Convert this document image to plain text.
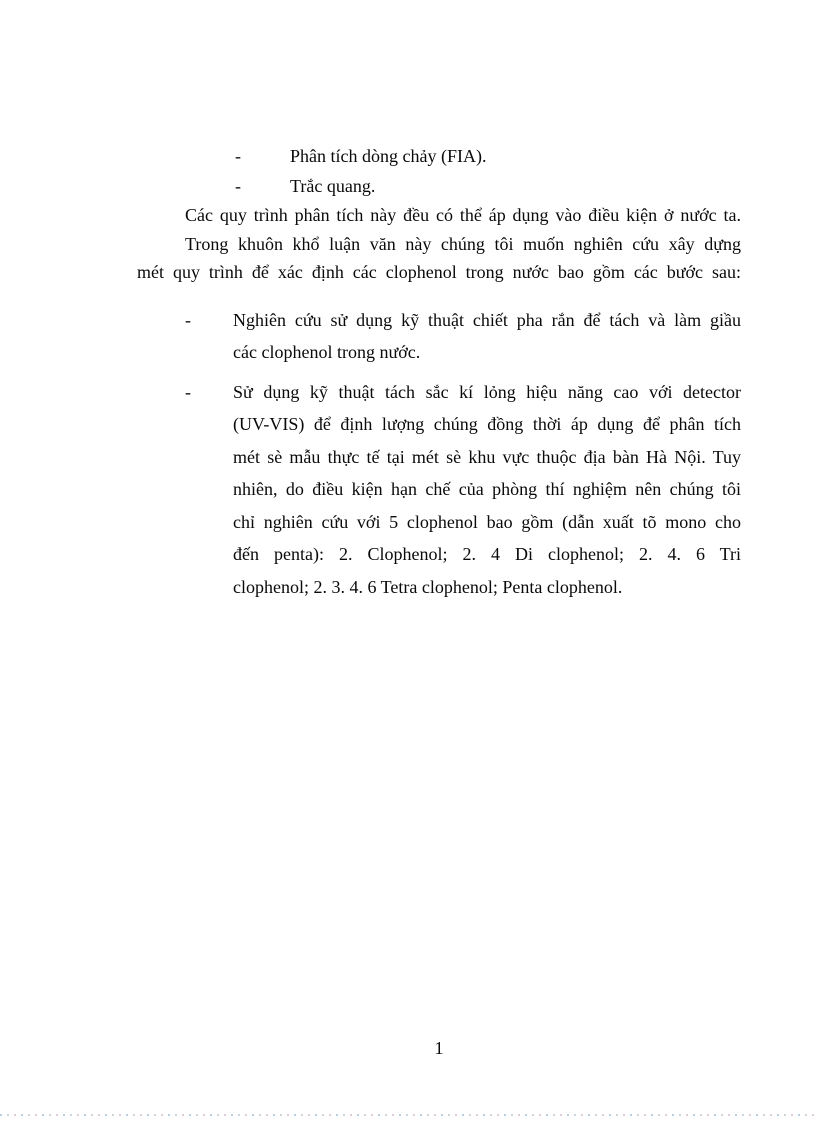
-	Phân tích dòng chảy (FIA).
-	Trắc quang.
Các quy trình phân tích này đều có thể áp dụng vào điều kiện ở nước ta.
Trong khuôn khổ luận văn này chúng tôi muốn nghiên cứu xây dựng
mét quy trình để xác định các clophenol trong nước bao gồm các bước sau:
-	Nghiên cứu sử dụng kỹ thuật chiết pha rắn để tách và làm giầu
các clophenol trong nước.
-	Sử dụng kỹ thuật tách sắc kí lỏng hiệu năng cao với detector
(UV-VIS) để định lượng chúng đồng thời áp dụng để phân tích
mét sè mẫu thực tế tại mét sè khu vực thuộc địa bàn Hà Nội. Tuy
nhiên, do điều kiện hạn chế của phòng thí nghiệm nên chúng tôi
chỉ nghiên cứu với 5 clophenol bao gồm (dẫn xuất tõ mono cho
đến penta): 2. Clophenol; 2. 4 Di clophenol; 2. 4. 6 Tri
clophenol; 2. 3. 4. 6 Tetra clophenol; Penta clophenol.
1
